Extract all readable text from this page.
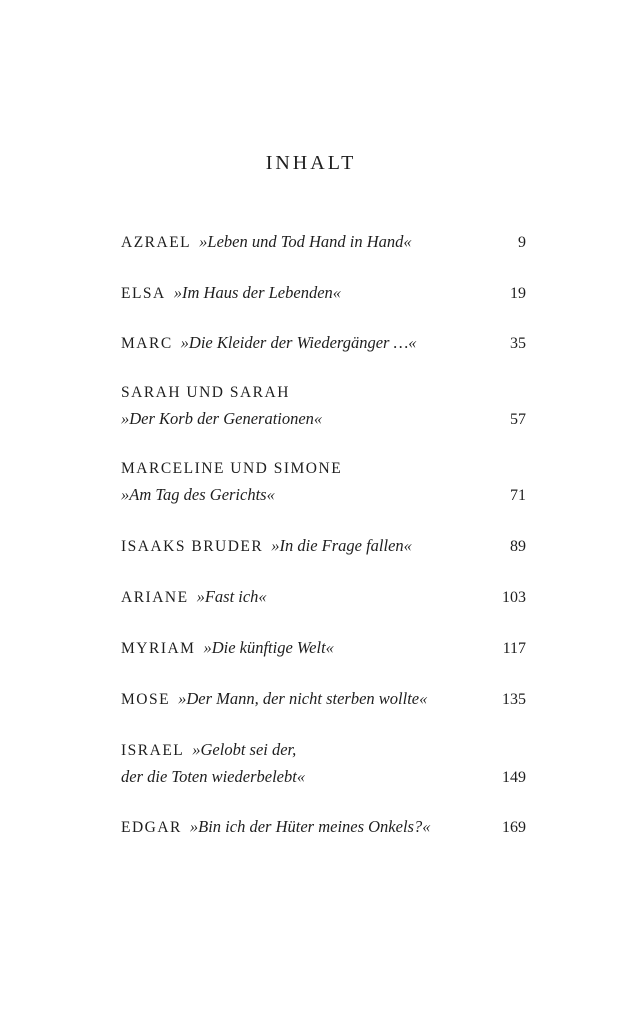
INHALT
AZRAEL »Leben und Tod Hand in Hand«	9
ELSA »Im Haus der Lebenden«	19
MARC »Die Kleider der Wiedergänger …«	35
SARAH UND SARAH
»Der Korb der Generationen«	57
MARCELINE UND SIMONE
»Am Tag des Gerichts«	71
ISAAKS BRUDER »In die Frage fallen«	89
ARIANE »Fast ich«	103
MYRIAM »Die künftige Welt«	117
MOSE »Der Mann, der nicht sterben wollte«	135
ISRAEL »Gelobt sei der,
der die Toten wiederbelebt«	149
EDGAR »Bin ich der Hüter meines Onkels?«	169
